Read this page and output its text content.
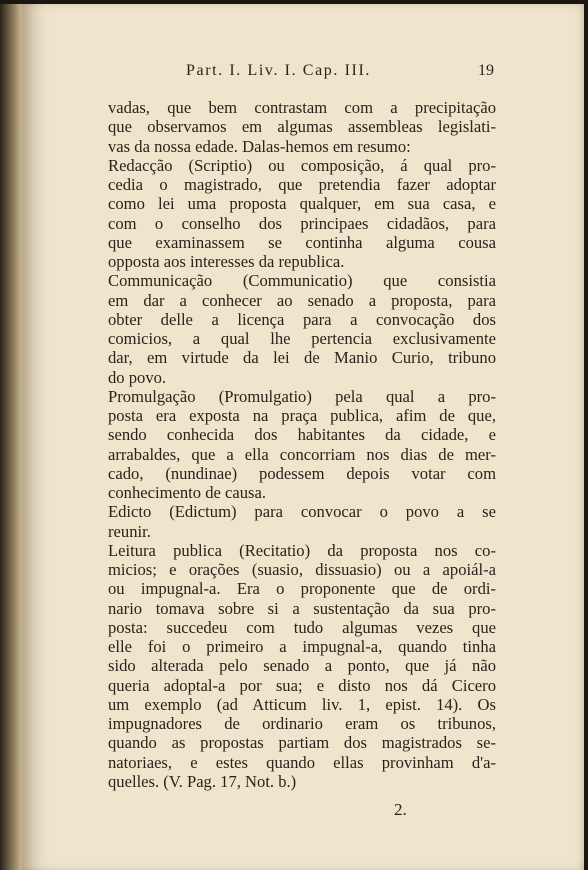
Part. I. Liv. I. Cap. III.	19
vadas, que bem contrastam com a precipitação
que observamos em algumas assembleas legislati-
vas da nossa edade. Dalas-hemos em resumo:
Redacção (Scriptio) ou composição, á qual pro-
cedia o magistrado, que pretendia fazer adoptar
como lei uma proposta qualquer, em sua casa, e
com o conselho dos principaes cidadãos, para
que examinassem se continha alguma cousa
opposta aos interesses da republica.
Communicação (Communicatio) que consistia
em dar a conhecer ao senado a proposta, para
obter delle a licença para a convocação dos
comicios, a qual lhe pertencia exclusivamente
dar, em virtude da lei de Manio Curio, tribuno
do povo.
Promulgação (Promulgatio) pela qual a pro-
posta era exposta na praça publica, afim de que,
sendo conhecida dos habitantes da cidade, e
arrabaldes, que a ella concorriam nos dias de mer-
cado, (nundinae) podessem depois votar com
conhecimento de causa.
Edicto (Edictum) para convocar o povo a se
reunir.
Leitura publica (Recitatio) da proposta nos co-
micios; e orações (suasio, dissuasio) ou a apoiál-a
ou impugnal-a. Era o proponente que de ordi-
nario tomava sobre si a sustentação da sua pro-
posta: succedeu com tudo algumas vezes que
elle foi o primeiro a impugnal-a, quando tinha
sido alterada pelo senado a ponto, que já não
queria adoptal-a por sua; e disto nos dá Cicero
um exemplo (ad Atticum liv. 1, epist. 14). Os
impugnadores de ordinario eram os tribunos,
quando as propostas partiam dos magistrados se-
natoriaes, e estes quando ellas provinham d'a-
quelles. (V. Pag. 17, Not. b.)
2.
